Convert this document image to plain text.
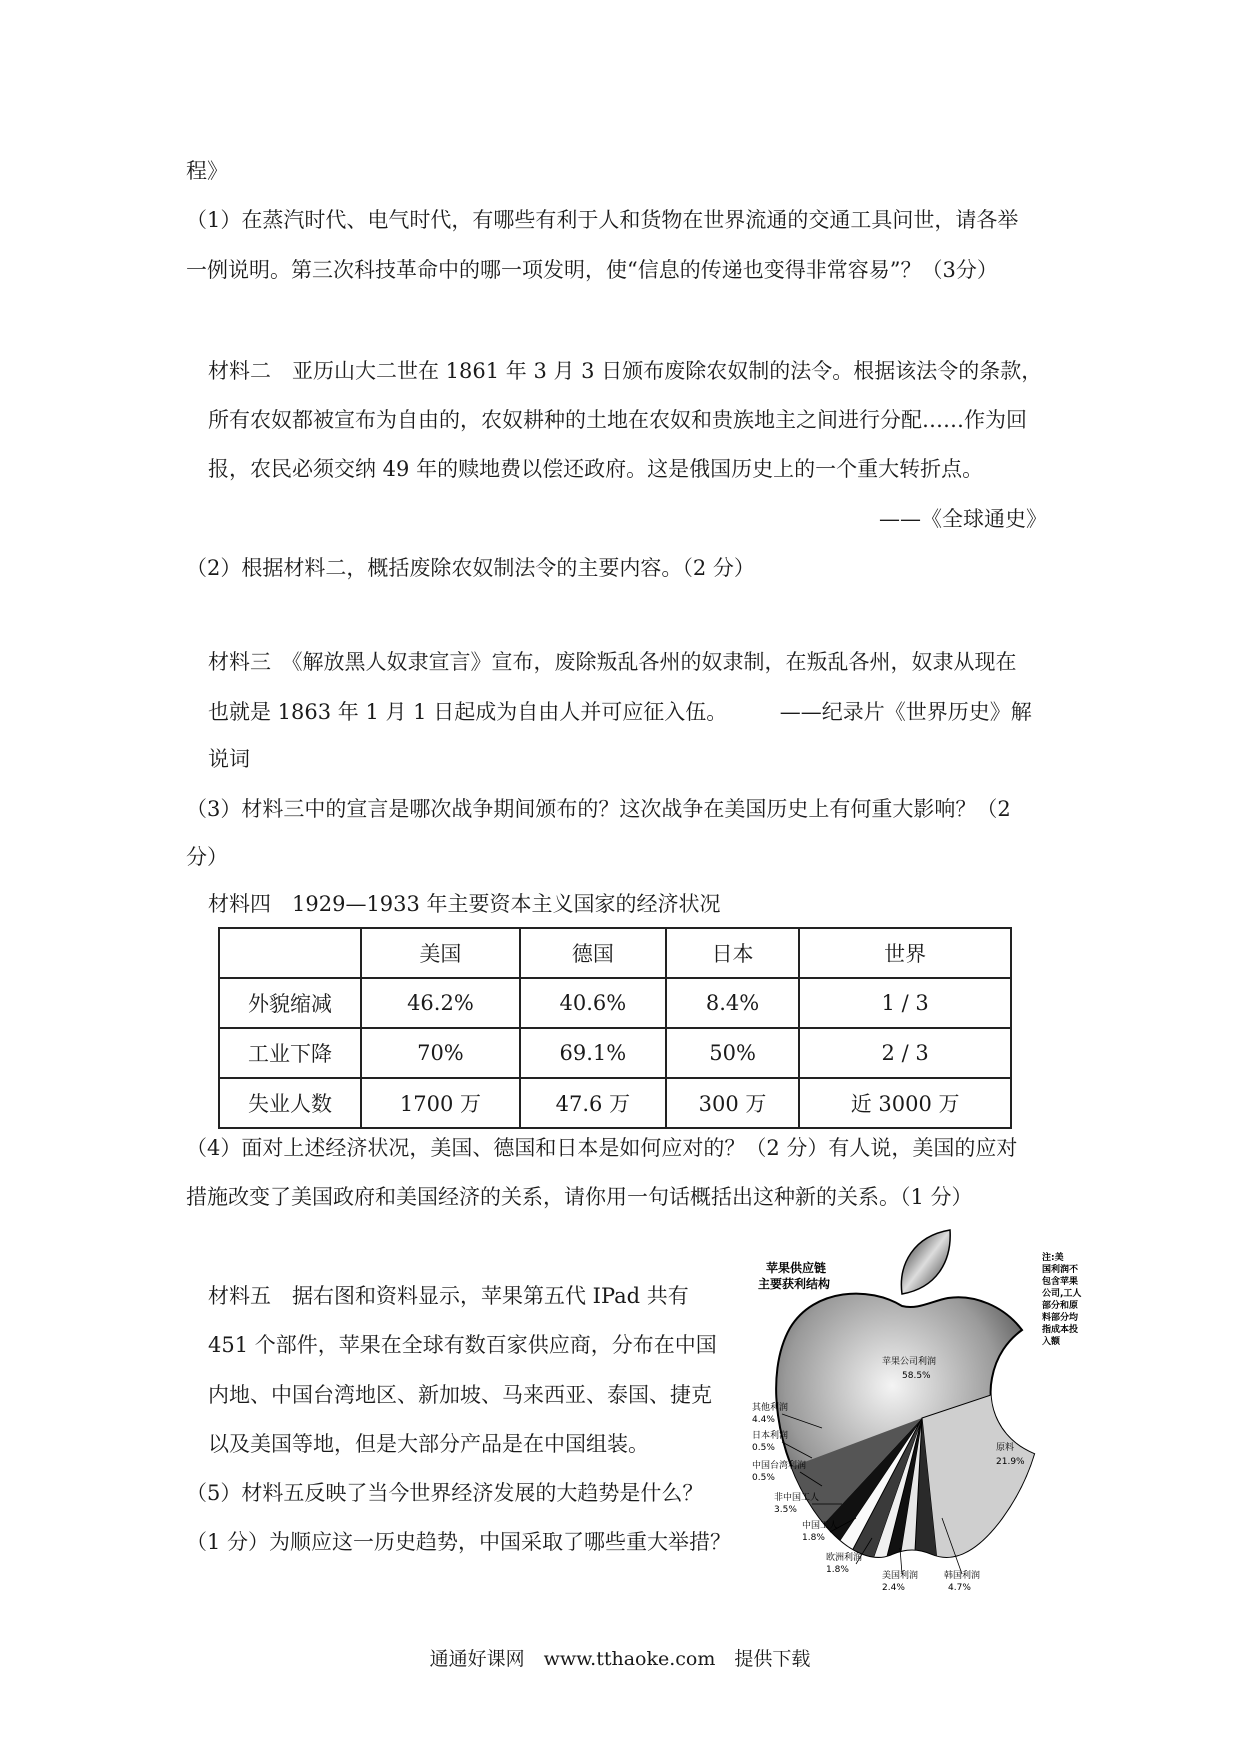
程》
（1）在蒸汽时代、电气时代，有哪些有利于人和货物在世界流通的交通工具问世，请各举
一例说明。第三次科技革命中的哪一项发明，使“信息的传递也变得非常容易”？（3分）
材料二　亚历山大二世在 1861 年 3 月 3 日颁布废除农奴制的法令。根据该法令的条款，
所有农奴都被宣布为自由的，农奴耕种的土地在农奴和贵族地主之间进行分配……作为回
报，农民必须交纳 49 年的赎地费以偿还政府。这是俄国历史上的一个重大转折点。
——《全球通史》
（2）根据材料二，概括废除农奴制法令的主要内容。（2 分）
材料三　《解放黑人奴隶宣言》宣布，废除叛乱各州的奴隶制，在叛乱各州，奴隶从现在
也就是 1863 年 1 月 1 日起成为自由人并可应征入伍。　　　——纪录片《世界历史》解
说词
（3）材料三中的宣言是哪次战争期间颁布的？这次战争在美国历史上有何重大影响？（2
分）
材料四　1929—1933 年主要资本主义国家的经济状况
	美国	德国	日本	世界
外貌缩减	46.2%	40.6%	8.4%	1 / 3
工业下降	70%	69.1%	50%	2 / 3
失业人数	1700 万	47.6 万	300 万	近 3000 万
（4）面对上述经济状况，美国、德国和日本是如何应对的？（2 分）有人说，美国的应对
措施改变了美国政府和美国经济的关系，请你用一句话概括出这种新的关系。（1 分）
材料五　据右图和资料显示，苹果第五代 IPad 共有
451 个部件，苹果在全球有数百家供应商，分布在中国
内地、中国台湾地区、新加坡、马来西亚、泰国、捷克
以及美国等地，但是大部分产品是在中国组装。
（5）材料五反映了当今世界经济发展的大趋势是什么？
（1 分）为顺应这一历史趋势，中国采取了哪些重大举措？
苹果供应链
主要获利结构
注:美
国利润不
包含苹果
公司,工人
部分和原
料部分均
指成本投
入额
苹果公司利润
58.5%
原料
21.9%
其他利润
4.4%
日本利润
0.5%
中国台湾利润
0.5%
非中国工人
3.5%
中国工人
1.8%
欧洲利润
1.8%
美国利润
2.4%
韩国利润
4.7%
通通好课网　www.tthaoke.com　提供下载
